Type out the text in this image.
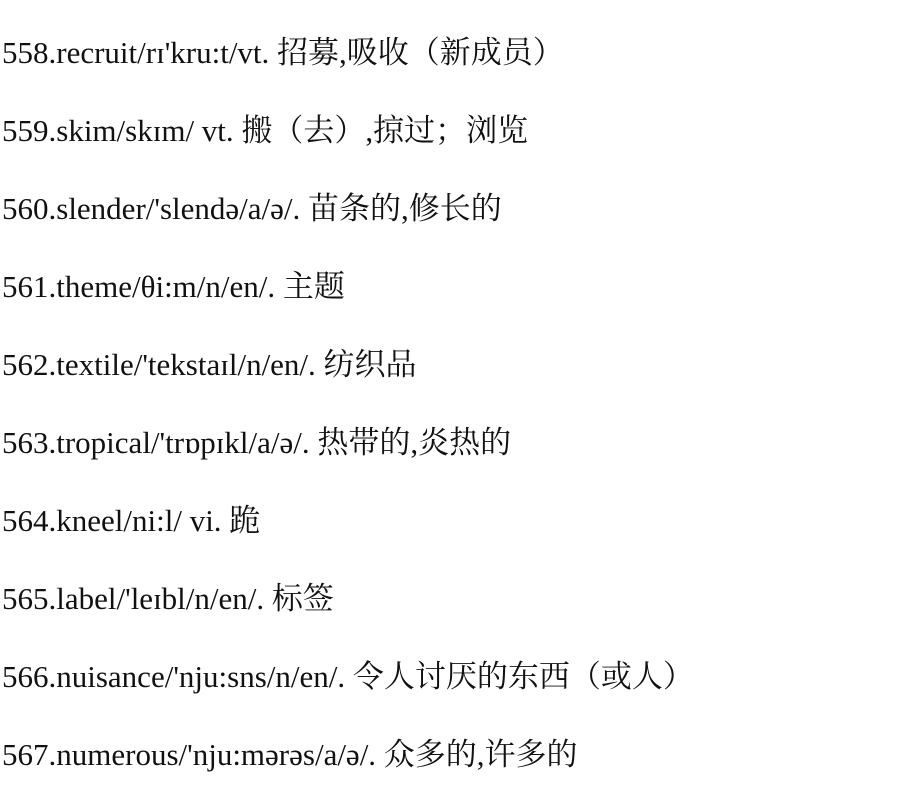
558.recruit/rɪ'kru:t/vt. 招募,吸收（新成员）
559.skim/skɪm/ vt. 搬（去）,掠过；浏览
560.slender/'slendə/a/ə/. 苗条的,修长的
561.theme/θi:m/n/en/. 主题
562.textile/'tekstaɪl/n/en/. 纺织品
563.tropical/'trɒpɪkl/a/ə/. 热带的,炎热的
564.kneel/ni:l/ vi. 跪
565.label/'leɪbl/n/en/. 标签
566.nuisance/'nju:sns/n/en/. 令人讨厌的东西（或人）
567.numerous/'nju:mərəs/a/ə/. 众多的,许多的
